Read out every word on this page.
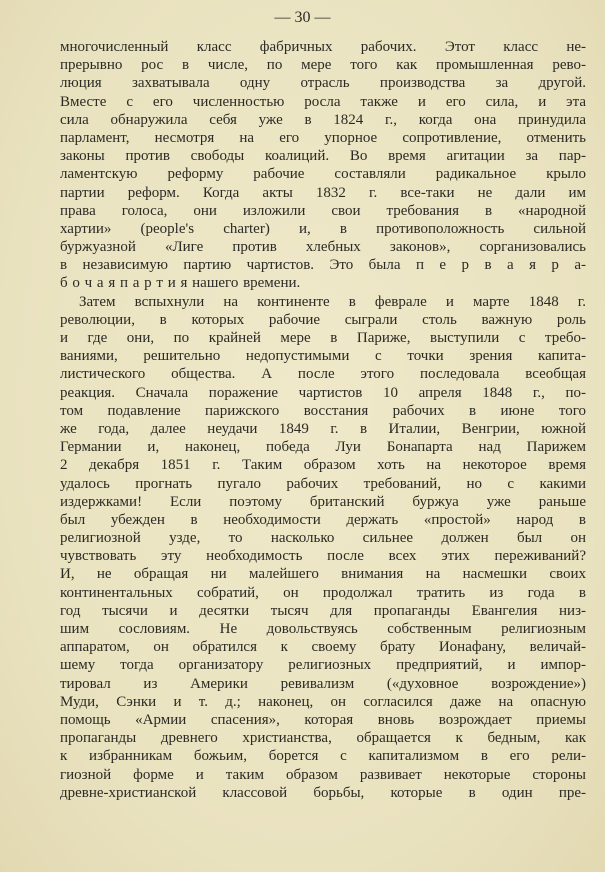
— 30 —
многочисленный класс фабричных рабочих. Этот класс не-
прерывно рос в числе, по мере того как промышленная рево-
люция захватывала одну отрасль производства за другой.
Вместе с его численностью росла также и его сила, и эта
сила обнаружила себя уже в 1824 г., когда она принудила
парламент, несмотря на его упорное сопротивление, отменить
законы против свободы коалиций. Во время агитации за пар-
ламентскую реформу рабочие составляли радикальное крыло
партии реформ. Когда акты 1832 г. все-таки не дали им
права голоса, они изложили свои требования в «народной
хартии» (people's charter) и, в противоположность сильной
буржуазной «Лиге против хлебных законов», сорганизовались
в независимую партию чартистов. Это была п е р в а я р а-
б о ч а я п а р т и я нашего времени.
Затем вспыхнули на континенте в феврале и марте 1848 г.
революции, в которых рабочие сыграли столь важную роль
и где они, по крайней мере в Париже, выступили с требо-
ваниями, решительно недопустимыми с точки зрения капита-
листического общества. А после этого последовала всеобщая
реакция. Сначала поражение чартистов 10 апреля 1848 г., по-
том подавление парижского восстания рабочих в июне того
же года, далее неудачи 1849 г. в Италии, Венгрии, южной
Германии и, наконец, победа Луи Бонапарта над Парижем
2 декабря 1851 г. Таким образом хоть на некоторое время
удалось прогнать пугало рабочих требований, но с какими
издержками! Если поэтому британский буржуа уже раньше
был убежден в необходимости держать «простой» народ в
религиозной узде, то насколько сильнее должен был он
чувствовать эту необходимость после всех этих переживаний?
И, не обращая ни малейшего внимания на насмешки своих
континентальных собратий, он продолжал тратить из года в
год тысячи и десятки тысяч для пропаганды Евангелия низ-
шим сословиям. Не довольствуясь собственным религиозным
аппаратом, он обратился к своему брату Ионафану, величай-
шему тогда организатору религиозных предприятий, и импор-
тировал из Америки ревивализм («духовное возрождение»)
Муди, Сэнки и т. д.; наконец, он согласился даже на опасную
помощь «Армии спасения», которая вновь возрождает приемы
пропаганды древнего христианства, обращается к бедным, как
к избранникам божьим, борется с капитализмом в его рели-
гиозной форме и таким образом развивает некоторые стороны
древне-христианской классовой борьбы, которые в один пре-
